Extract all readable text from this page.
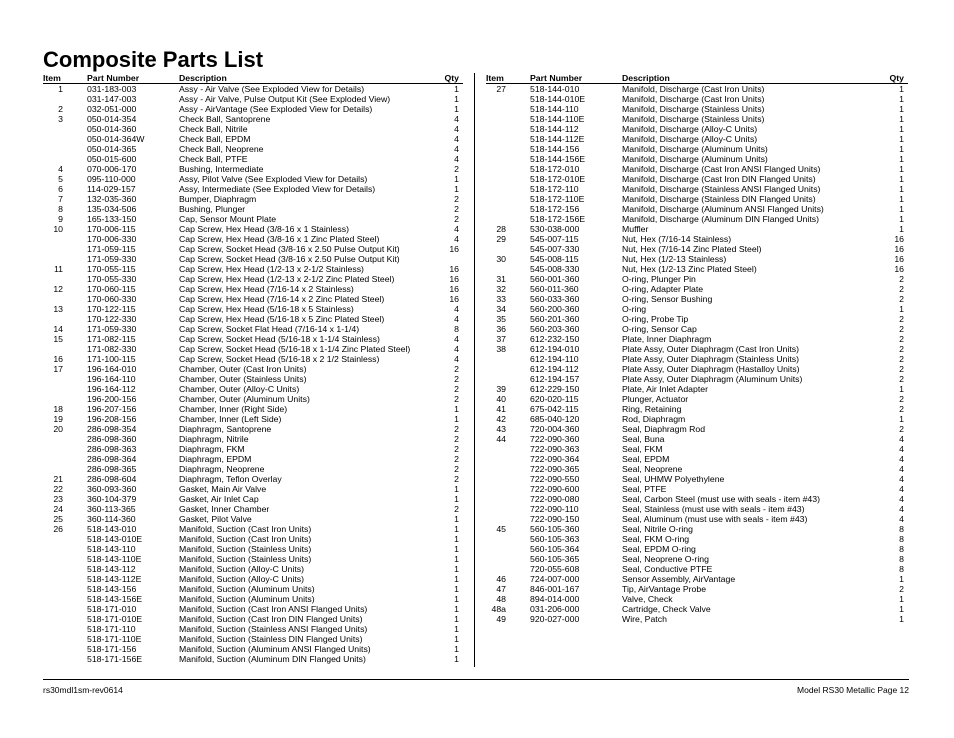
Composite Parts List
Item	Part Number	Description	Qty
1	031-183-003	Assy - Air Valve (See Exploded View for Details)	1
031-147-003	Assy - Air Valve, Pulse Output Kit (See Exploded View)	1
2	032-051-000	Assy - AirVantage (See Exploded View for Details)	1
3	050-014-354	Check Ball, Santoprene	4
050-014-360	Check Ball, Nitrile	4
050-014-364W	Check Ball, EPDM	4
050-014-365	Check Ball, Neoprene	4
050-015-600	Check Ball, PTFE	4
4	070-006-170	Bushing, Intermediate	2
5	095-110-000	Assy, Pilot Valve (See Exploded View for Details)	1
6	114-029-157	Assy, Intermediate (See Exploded View for Details)	1
7	132-035-360	Bumper, Diaphragm	2
8	135-034-506	Bushing, Plunger	2
9	165-133-150	Cap, Sensor Mount Plate	2
10	170-006-115	Cap Screw, Hex Head (3/8-16 x 1 Stainless)	4
170-006-330	Cap Screw, Hex Head (3/8-16 x 1 Zinc Plated Steel)	4
171-059-115	Cap Screw, Socket Head (3/8-16 x 2.50 Pulse Output Kit)	16
171-059-330	Cap Screw, Socket Head (3/8-16 x 2.50 Pulse Output Kit)
11	170-055-115	Cap Screw, Hex Head (1/2-13 x 2-1/2 Stainless)	16
170-055-330	Cap Screw, Hex Head (1/2-13 x 2-1/2 Zinc Plated Steel)	16
12	170-060-115	Cap Screw, Hex Head (7/16-14 x 2 Stainless)	16
170-060-330	Cap Screw, Hex Head (7/16-14 x 2 Zinc Plated Steel)	16
13	170-122-115	Cap Screw, Hex Head (5/16-18 x 5 Stainless)	4
170-122-330	Cap Screw, Hex Head (5/16-18 x 5 Zinc Plated Steel)	4
14	171-059-330	Cap Screw, Socket Flat Head (7/16-14 x 1-1/4)	8
15	171-082-115	Cap Screw, Socket Head (5/16-18 x 1-1/4 Stainless)	4
171-082-330	Cap Screw, Socket Head (5/16-18 x 1-1/4 Zinc Plated Steel)	4
16	171-100-115	Cap Screw, Socket Head (5/16-18 x 2 1/2 Stainless)	4
17	196-164-010	Chamber, Outer (Cast Iron Units)	2
196-164-110	Chamber, Outer (Stainless Units)	2
196-164-112	Chamber, Outer (Alloy-C Units)	2
196-200-156	Chamber, Outer (Aluminum Units)	2
18	196-207-156	Chamber, Inner (Right Side)	1
19	196-208-156	Chamber, Inner (Left Side)	1
20	286-098-354	Diaphragm, Santoprene	2
286-098-360	Diaphragm, Nitrile	2
286-098-363	Diaphragm, FKM	2
286-098-364	Diaphragm, EPDM	2
286-098-365	Diaphragm, Neoprene	2
21	286-098-604	Diaphragm, Teflon Overlay	2
22	360-093-360	Gasket, Main Air Valve	1
23	360-104-379	Gasket, Air Inlet Cap	1
24	360-113-365	Gasket, Inner Chamber	2
25	360-114-360	Gasket, Pilot Valve	1
26	518-143-010	Manifold, Suction (Cast Iron Units)	1
518-143-010E	Manifold, Suction (Cast Iron Units)	1
518-143-110	Manifold, Suction (Stainless Units)	1
518-143-110E	Manifold, Suction (Stainless Units)	1
518-143-112	Manifold, Suction (Alloy-C Units)	1
518-143-112E	Manifold, Suction (Alloy-C Units)	1
518-143-156	Manifold, Suction (Aluminum Units)	1
518-143-156E	Manifold, Suction (Aluminum Units)	1
518-171-010	Manifold, Suction (Cast Iron ANSI Flanged Units)	1
518-171-010E	Manifold, Suction (Cast Iron DIN Flanged Units)	1
518-171-110	Manifold, Suction (Stainless ANSI Flanged Units)	1
518-171-110E	Manifold, Suction (Stainless DIN Flanged Units)	1
518-171-156	Manifold, Suction (Aluminum ANSI Flanged Units)	1
518-171-156E	Manifold, Suction (Aluminum DIN Flanged Units)	1
Item	Part Number	Description	Qty
27	518-144-010	Manifold, Discharge (Cast Iron Units)	1
518-144-010E	Manifold, Discharge (Cast Iron Units)	1
518-144-110	Manifold, Discharge (Stainless Units)	1
518-144-110E	Manifold, Discharge (Stainless Units)	1
518-144-112	Manifold, Discharge (Alloy-C Units)	1
518-144-112E	Manifold, Discharge (Alloy-C Units)	1
518-144-156	Manifold, Discharge (Aluminum Units)	1
518-144-156E	Manifold, Discharge (Aluminum Units)	1
518-172-010	Manifold, Discharge (Cast Iron ANSI Flanged Units)	1
518-172-010E	Manifold, Discharge (Cast Iron DIN Flanged Units)	1
518-172-110	Manifold, Discharge (Stainless ANSI Flanged Units)	1
518-172-110E	Manifold, Discharge (Stainless DIN Flanged Units)	1
518-172-156	Manifold, Discharge (Aluminum ANSI Flanged Units)	1
518-172-156E	Manifold, Discharge (Aluminum DIN Flanged Units)	1
28	530-038-000	Muffler	1
29	545-007-115	Nut, Hex (7/16-14 Stainless)	16
545-007-330	Nut, Hex (7/16-14 Zinc Plated Steel)	16
30	545-008-115	Nut, Hex (1/2-13 Stainless)	16
545-008-330	Nut, Hex (1/2-13 Zinc Plated Steel)	16
31	560-001-360	O-ring, Plunger Pin	2
32	560-011-360	O-ring, Adapter Plate	2
33	560-033-360	O-ring, Sensor Bushing	2
34	560-200-360	O-ring	1
35	560-201-360	O-ring, Probe Tip	2
36	560-203-360	O-ring, Sensor Cap	2
37	612-232-150	Plate, Inner Diaphragm	2
38	612-194-010	Plate Assy, Outer Diaphragm (Cast Iron Units)	2
612-194-110	Plate Assy, Outer Diaphragm (Stainless Units)	2
612-194-112	Plate Assy, Outer Diaphragm (Hastalloy Units)	2
612-194-157	Plate Assy, Outer Diaphragm (Aluminum Units)	2
39	612-229-150	Plate, Air Inlet Adapter	1
40	620-020-115	Plunger, Actuator	2
41	675-042-115	Ring, Retaining	2
42	685-040-120	Rod, Diaphragm	1
43	720-004-360	Seal, Diaphragm Rod	2
44	722-090-360	Seal, Buna	4
722-090-363	Seal, FKM	4
722-090-364	Seal, EPDM	4
722-090-365	Seal, Neoprene	4
722-090-550	Seal, UHMW Polyethylene	4
722-090-600	Seal, PTFE	4
722-090-080	Seal, Carbon Steel (must use with seals - item #43)	4
722-090-110	Seal, Stainless (must use with seals - item #43)	4
722-090-150	Seal, Aluminum (must use with seals - item #43)	4
45	560-105-360	Seal, Nitrile O-ring	8
560-105-363	Seal, FKM O-ring	8
560-105-364	Seal, EPDM O-ring	8
560-105-365	Seal, Neoprene O-ring	8
720-055-608	Seal, Conductive PTFE	8
46	724-007-000	Sensor Assembly, AirVantage	1
47	846-001-167	Tip, AirVantage Probe	2
48	894-014-000	Valve, Check	1
48a	031-206-000	Cartridge, Check Valve	1
49	920-027-000	Wire, Patch	1
rs30mdl1sm-rev0614	Model RS30 Metallic Page 12
